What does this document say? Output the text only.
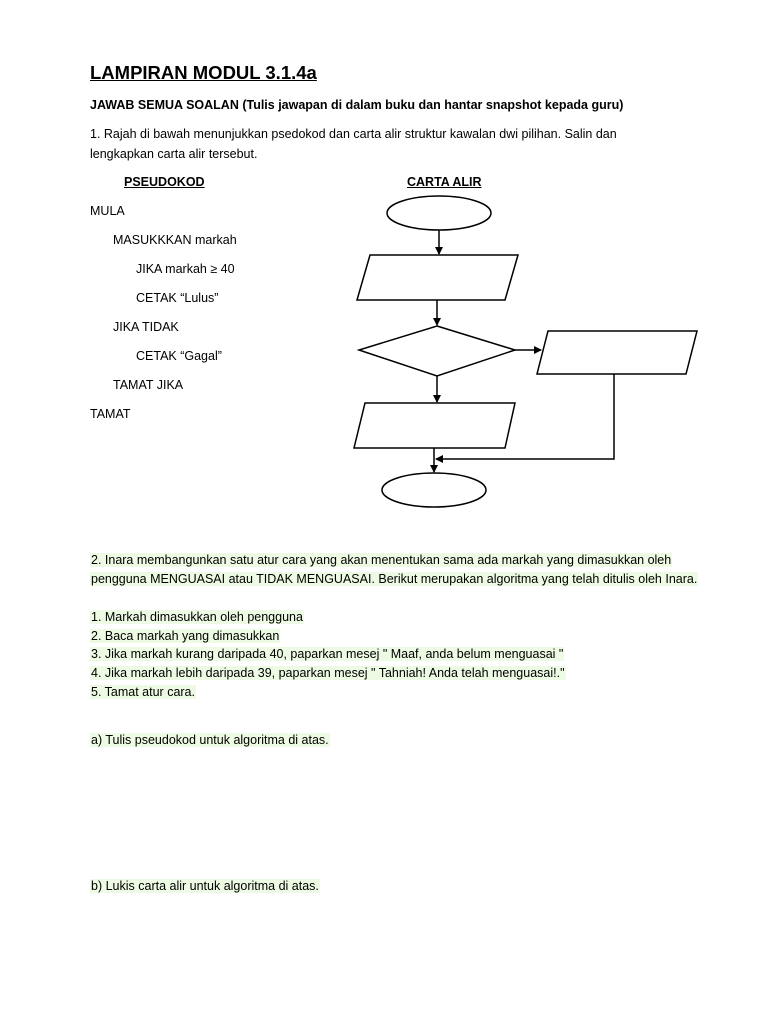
LAMPIRAN MODUL 3.1.4a
JAWAB SEMUA SOALAN (Tulis jawapan di dalam buku dan hantar snapshot kepada guru)
1. Rajah di bawah menunjukkan psedokod dan carta alir struktur kawalan dwi pilihan. Salin dan
lengkapkan carta alir tersebut.
PSEUDOKOD	CARTA ALIR
MULA
MASUKKKAN markah
JIKA markah ≥ 40
CETAK “Lulus”
JIKA TIDAK
CETAK “Gagal”
TAMAT JIKA
TAMAT
2. Inara membangunkan satu atur cara yang akan menentukan sama ada markah yang dimasukkan oleh
pengguna MENGUASAI atau TIDAK MENGUASAI. Berikut merupakan algoritma yang telah ditulis oleh Inara.
1. Markah dimasukkan oleh pengguna
2. Baca markah yang dimasukkan
3. Jika markah kurang daripada 40, paparkan mesej " Maaf, anda belum menguasai "
4. Jika markah lebih daripada 39, paparkan mesej " Tahniah! Anda telah menguasai!."
5. Tamat atur cara.
a) Tulis pseudokod untuk algoritma di atas.
b) Lukis carta alir untuk algoritma di atas.
